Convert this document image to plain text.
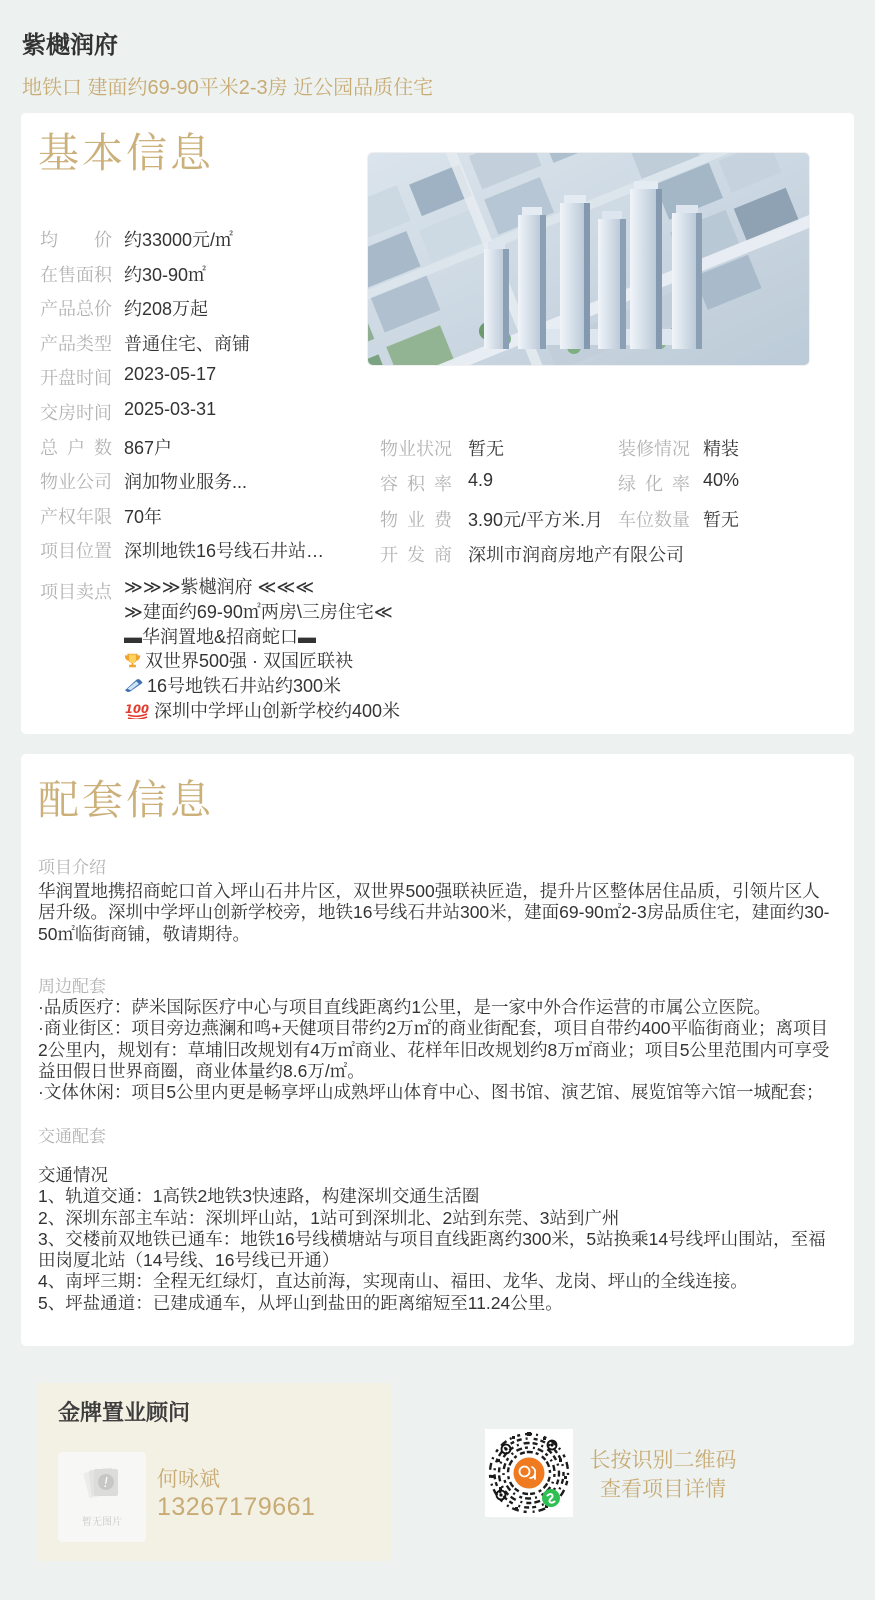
紫樾润府
地铁口 建面约69-90平米2-3房 近公园品质住宅
基本信息
均价 约33000元/㎡
在售面积 约30-90㎡
产品总价 约208万起
产品类型 普通住宅、商铺
开盘时间 2023-05-17
交房时间 2025-03-31
总户数 867户
物业公司 润加物业服务...
产权年限 70年
项目位置 深圳地铁16号线石井站…
物业状况 暂无	装修情况 精装
容积率 4.9	绿化率 40%
物业费 3.90元/平方米.月 车位数量 暂无
开发商 深圳市润商房地产有限公司
项目卖点 ≫≫≫紫樾润府 ≪≪≪
≫建面约69-90㎡两房\三房住宅≪
▬华润置地&招商蛇口▬
双世界500强 · 双国匠联袂
16号地铁石井站约300米
100 深圳中学坪山创新学校约400米
配套信息
项目介绍
华润置地携招商蛇口首入坪山石井片区，双世界500强联袂匠造，提升片区整体居住品质，引领片区人居升级。深圳中学坪山创新学校旁，地铁16号线石井站300米，建面69-90㎡2-3房品质住宅，建面约30-50㎡临街商铺，敬请期待。
周边配套

·品质医疗：萨米国际医疗中心与项目直线距离约1公里，是一家中外合作运营的市属公立医院。

·商业街区：项目旁边燕澜和鸣+天健项目带约2万㎡的商业街配套，项目自带约400平临街商业；离项目2公里内，规划有：草埔旧改规划有4万㎡商业、花样年旧改规划约8万㎡商业；项目5公里范围内可享受益田假日世界商圈，商业体量约8.6万/㎡。

·文体休闲：项目5公里内更是畅享坪山成熟坪山体育中心、图书馆、演艺馆、展览馆等六馆一城配套；

交通配套

交通情况

1、轨道交通：1高铁2地铁3快速路，构建深圳交通生活圈

2、深圳东部主车站：深圳坪山站，1站可到深圳北、2站到东莞、3站到广州

3、交楼前双地铁已通车：地铁16号线横塘站与项目直线距离约300米，5站换乘14号线坪山围站，至福田岗厦北站（14号线、16号线已开通）

4、南坪三期：全程无红绿灯，直达前海，实现南山、福田、龙华、龙岗、坪山的全线连接。

5、坪盐通道：已建成通车，从坪山到盐田的距离缩短至11.24公里。

金牌置业顾问
!
暂无图片
何咏斌
13267179661
长按识别二维码
查看项目详情
